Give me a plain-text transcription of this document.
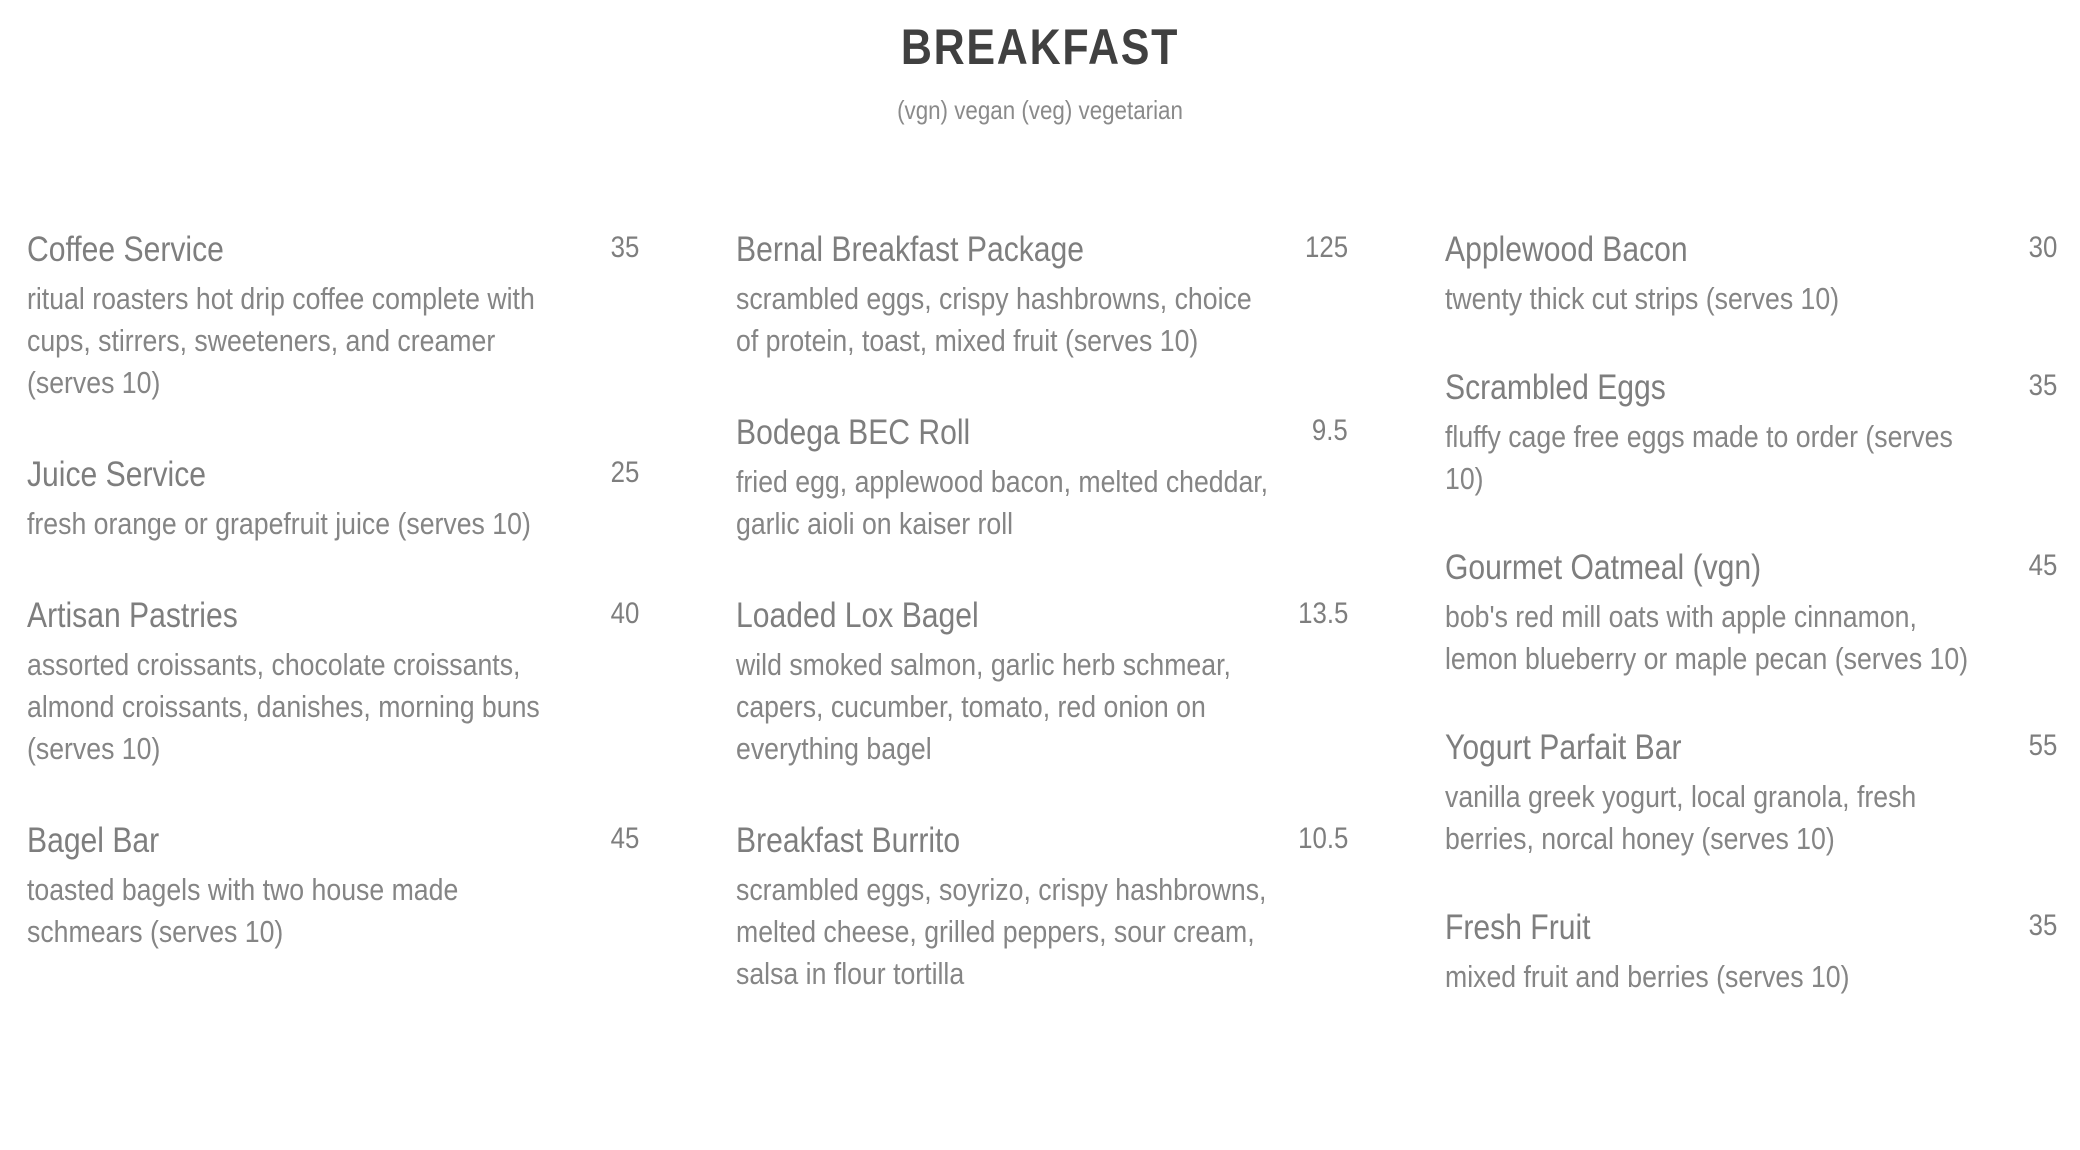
BREAKFAST
(vgn) vegan (veg) vegetarian
Coffee Service	35
ritual roasters hot drip coffee complete with cups, stirrers, sweeteners, and creamer (serves 10)
Juice Service	25
fresh orange or grapefruit juice (serves 10)
Artisan Pastries	40
assorted croissants, chocolate croissants, almond croissants, danishes, morning buns (serves 10)
Bagel Bar	45
toasted bagels with two house made schmears (serves 10)
Bernal Breakfast Package	125
scrambled eggs, crispy hashbrowns, choice of protein, toast, mixed fruit (serves 10)
Bodega BEC Roll	9.5
fried egg, applewood bacon, melted cheddar, garlic aioli on kaiser roll
Loaded Lox Bagel	13.5
wild smoked salmon, garlic herb schmear, capers, cucumber, tomato, red onion on everything bagel
Breakfast Burrito	10.5
scrambled eggs, soyrizo, crispy hashbrowns, melted cheese, grilled peppers, sour cream, salsa in flour tortilla
Applewood Bacon	30
twenty thick cut strips (serves 10)
Scrambled Eggs	35
fluffy cage free eggs made to order (serves 10)
Gourmet Oatmeal (vgn)	45
bob's red mill oats with apple cinnamon, lemon blueberry or maple pecan (serves 10)
Yogurt Parfait Bar	55
vanilla greek yogurt, local granola, fresh berries, norcal honey (serves 10)
Fresh Fruit	35
mixed fruit and berries (serves 10)
